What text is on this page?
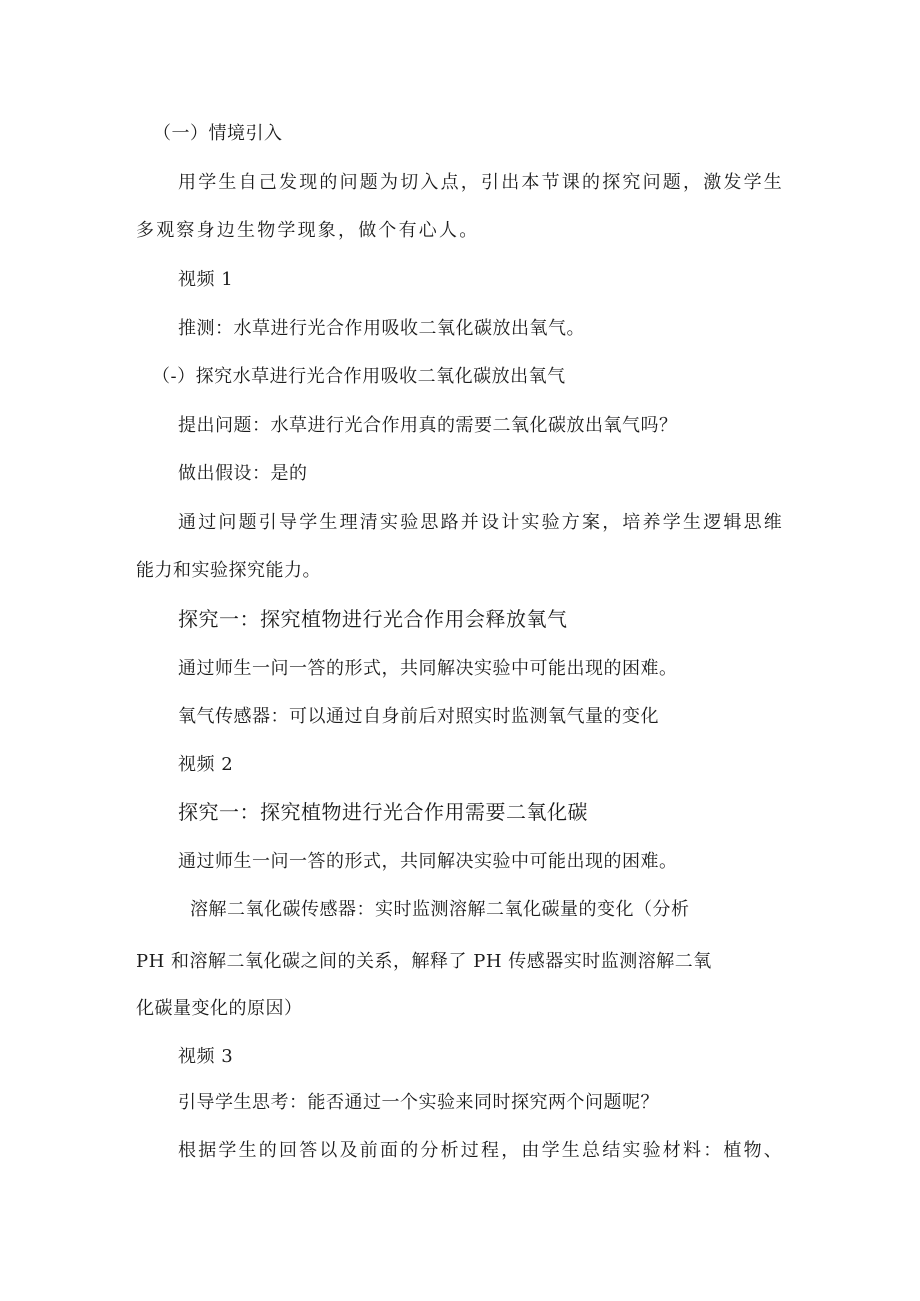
（一）情境引入
用学生自己发现的问题为切入点，引出本节课的探究问题，激发学生
多观察身边生物学现象，做个有心人。
视频 1
推测：水草进行光合作用吸收二氧化碳放出氧气。
（-）探究水草进行光合作用吸收二氧化碳放出氧气
提出问题：水草进行光合作用真的需要二氧化碳放出氧气吗？
做出假设：是的
通过问题引导学生理清实验思路并设计实验方案，培养学生逻辑思维
能力和实验探究能力。
探究一：探究植物进行光合作用会释放氧气
通过师生一问一答的形式，共同解决实验中可能出现的困难。
氧气传感器：可以通过自身前后对照实时监测氧气量的变化
视频 2
探究一：探究植物进行光合作用需要二氧化碳
通过师生一问一答的形式，共同解决实验中可能出现的困难。
溶解二氧化碳传感器：实时监测溶解二氧化碳量的变化（分析
PH 和溶解二氧化碳之间的关系，解释了 PH 传感器实时监测溶解二氧
化碳量变化的原因）
视频 3
引导学生思考：能否通过一个实验来同时探究两个问题呢？
根据学生的回答以及前面的分析过程，由学生总结实验材料：植物、
